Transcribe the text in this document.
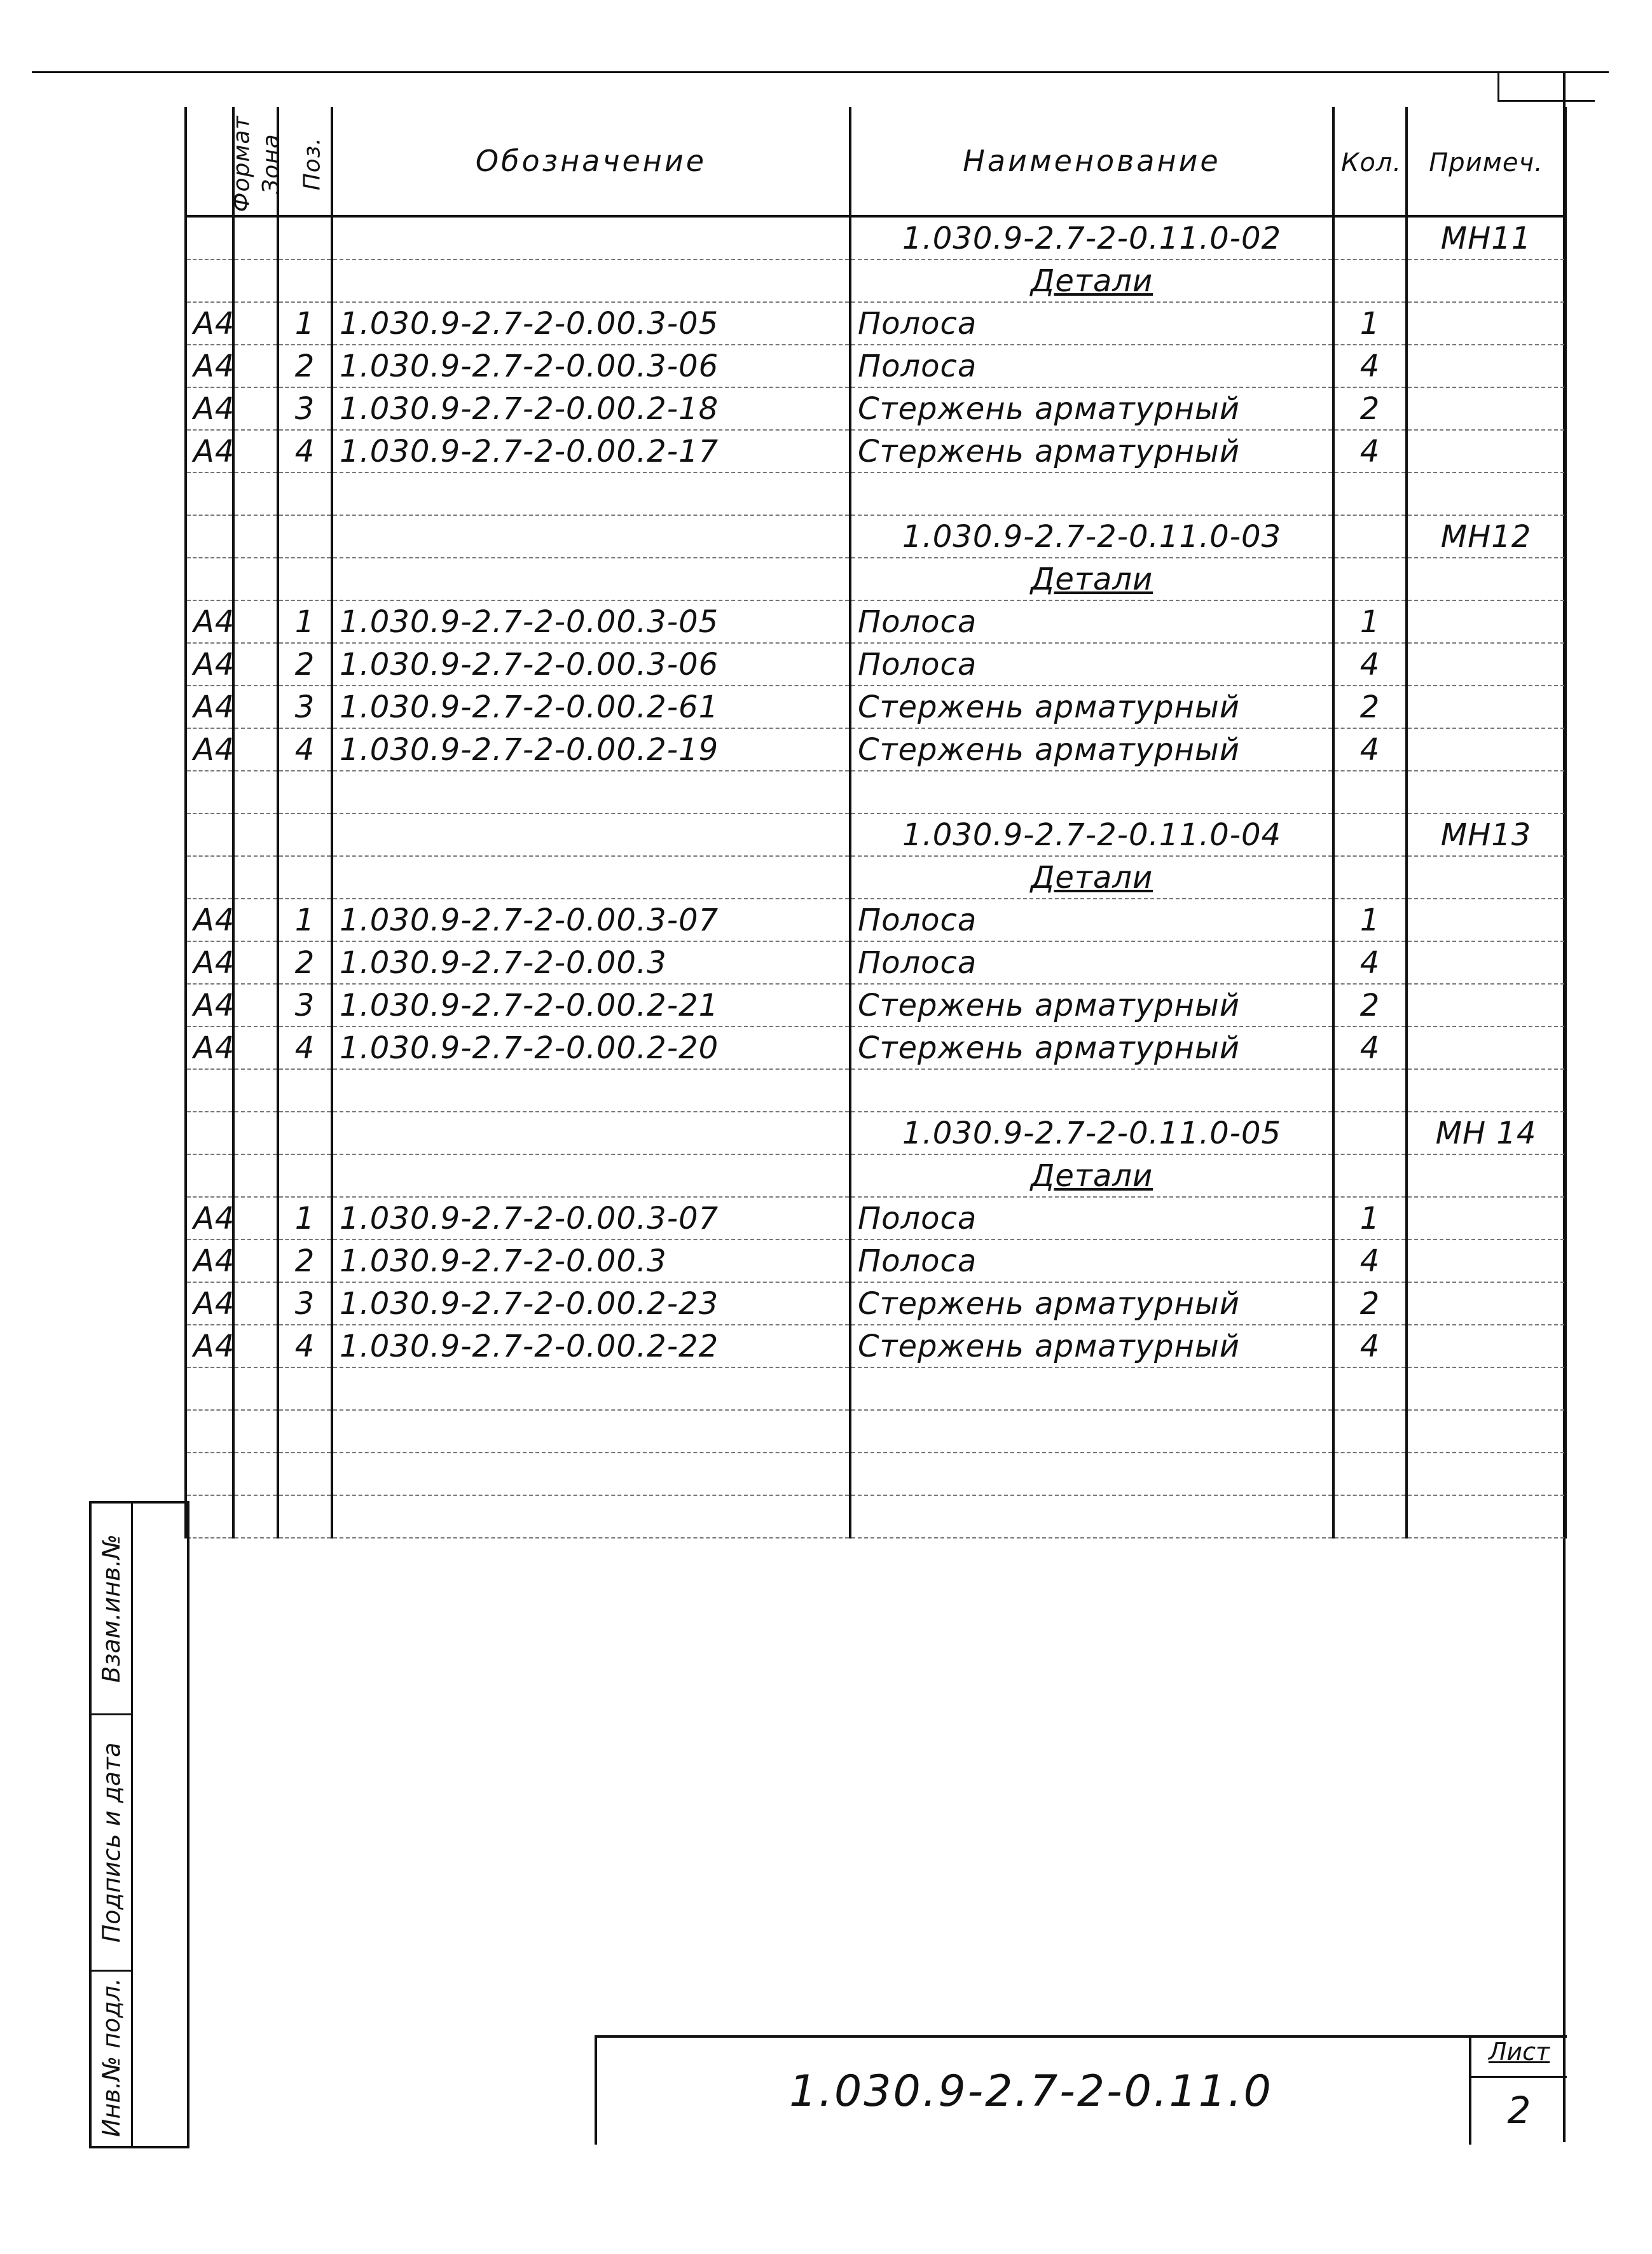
Формат	Зона	Поз.	Обозначение	Наименование	Кол.	Примеч.
				1.030.9-2.7-2-0.11.0-02		МН11
				Детали		
А4		1	1.030.9-2.7-2-0.00.3-05	Полоса	1	
А4		2	1.030.9-2.7-2-0.00.3-06	Полоса	4	
А4		3	1.030.9-2.7-2-0.00.2-18	Стержень арматурный	2	
А4		4	1.030.9-2.7-2-0.00.2-17	Стержень арматурный	4	

				1.030.9-2.7-2-0.11.0-03		МН12
				Детали		
А4		1	1.030.9-2.7-2-0.00.3-05	Полоса	1	
А4		2	1.030.9-2.7-2-0.00.3-06	Полоса	4	
А4		3	1.030.9-2.7-2-0.00.2-61	Стержень арматурный	2	
А4		4	1.030.9-2.7-2-0.00.2-19	Стержень арматурный	4	

				1.030.9-2.7-2-0.11.0-04		МН13
				Детали		
А4		1	1.030.9-2.7-2-0.00.3-07	Полоса	1	
А4		2	1.030.9-2.7-2-0.00.3	Полоса	4	
А4		3	1.030.9-2.7-2-0.00.2-21	Стержень арматурный	2	
А4		4	1.030.9-2.7-2-0.00.2-20	Стержень арматурный	4	

				1.030.9-2.7-2-0.11.0-05		МН 14
				Детали		
А4		1	1.030.9-2.7-2-0.00.3-07	Полоса	1	
А4		2	1.030.9-2.7-2-0.00.3	Полоса	4	
А4		3	1.030.9-2.7-2-0.00.2-23	Стержень арматурный	2	
А4		4	1.030.9-2.7-2-0.00.2-22	Стержень арматурный	4	

1.030.9-2.7-2-0.11.0
Лист
2
Взам.инв.№
Подпись и дата
Инв.№ подл.
